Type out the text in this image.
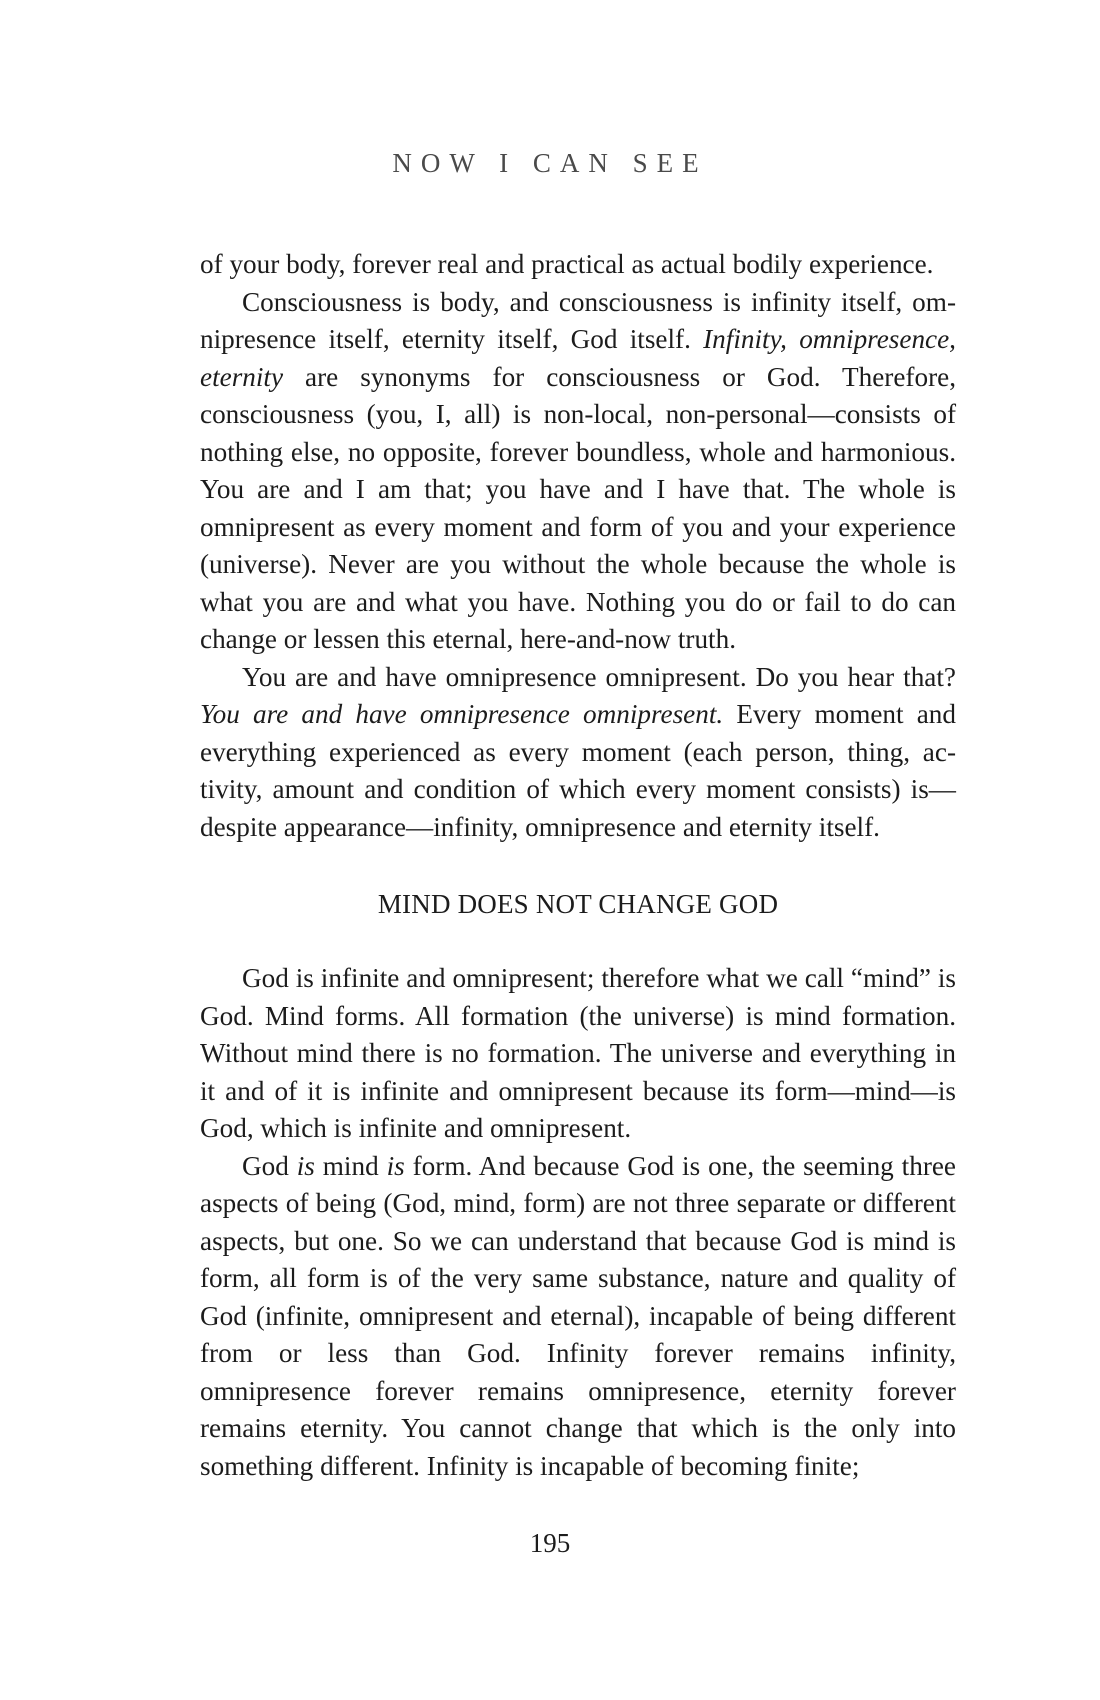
NOW I CAN SEE

of your body, forever real and practical as actual bodily experience.

Consciousness is body, and consciousness is infinity itself, omnipresence itself, eternity itself, God itself. Infinity, omnipresence, eternity are synonyms for consciousness or God. Therefore, consciousness (you, I, all) is non-local, non-personal—consists of nothing else, no opposite, forever boundless, whole and harmonious. You are and I am that; you have and I have that. The whole is omnipresent as every moment and form of you and your experience (universe). Never are you without the whole because the whole is what you are and what you have. Nothing you do or fail to do can change or lessen this eternal, here-and-now truth.

You are and have omnipresence omnipresent. Do you hear that? You are and have omnipresence omnipresent. Every moment and everything experienced as every moment (each person, thing, activity, amount and condition of which every moment consists) is—despite appearance—infinity, omnipresence and eternity itself.

MIND DOES NOT CHANGE GOD

God is infinite and omnipresent; therefore what we call “mind” is God. Mind forms. All formation (the universe) is mind formation. Without mind there is no formation. The universe and everything in it and of it is infinite and omnipresent because its form—mind—is God, which is infinite and omnipresent.

God is mind is form. And because God is one, the seeming three aspects of being (God, mind, form) are not three separate or different aspects, but one. So we can understand that because God is mind is form, all form is of the very same substance, nature and quality of God (infinite, omnipresent and eternal), incapable of being different from or less than God. Infinity forever remains infinity, omnipresence forever remains omnipresence, eternity forever remains eternity. You cannot change that which is the only into something different. Infinity is incapable of becoming finite;

195
